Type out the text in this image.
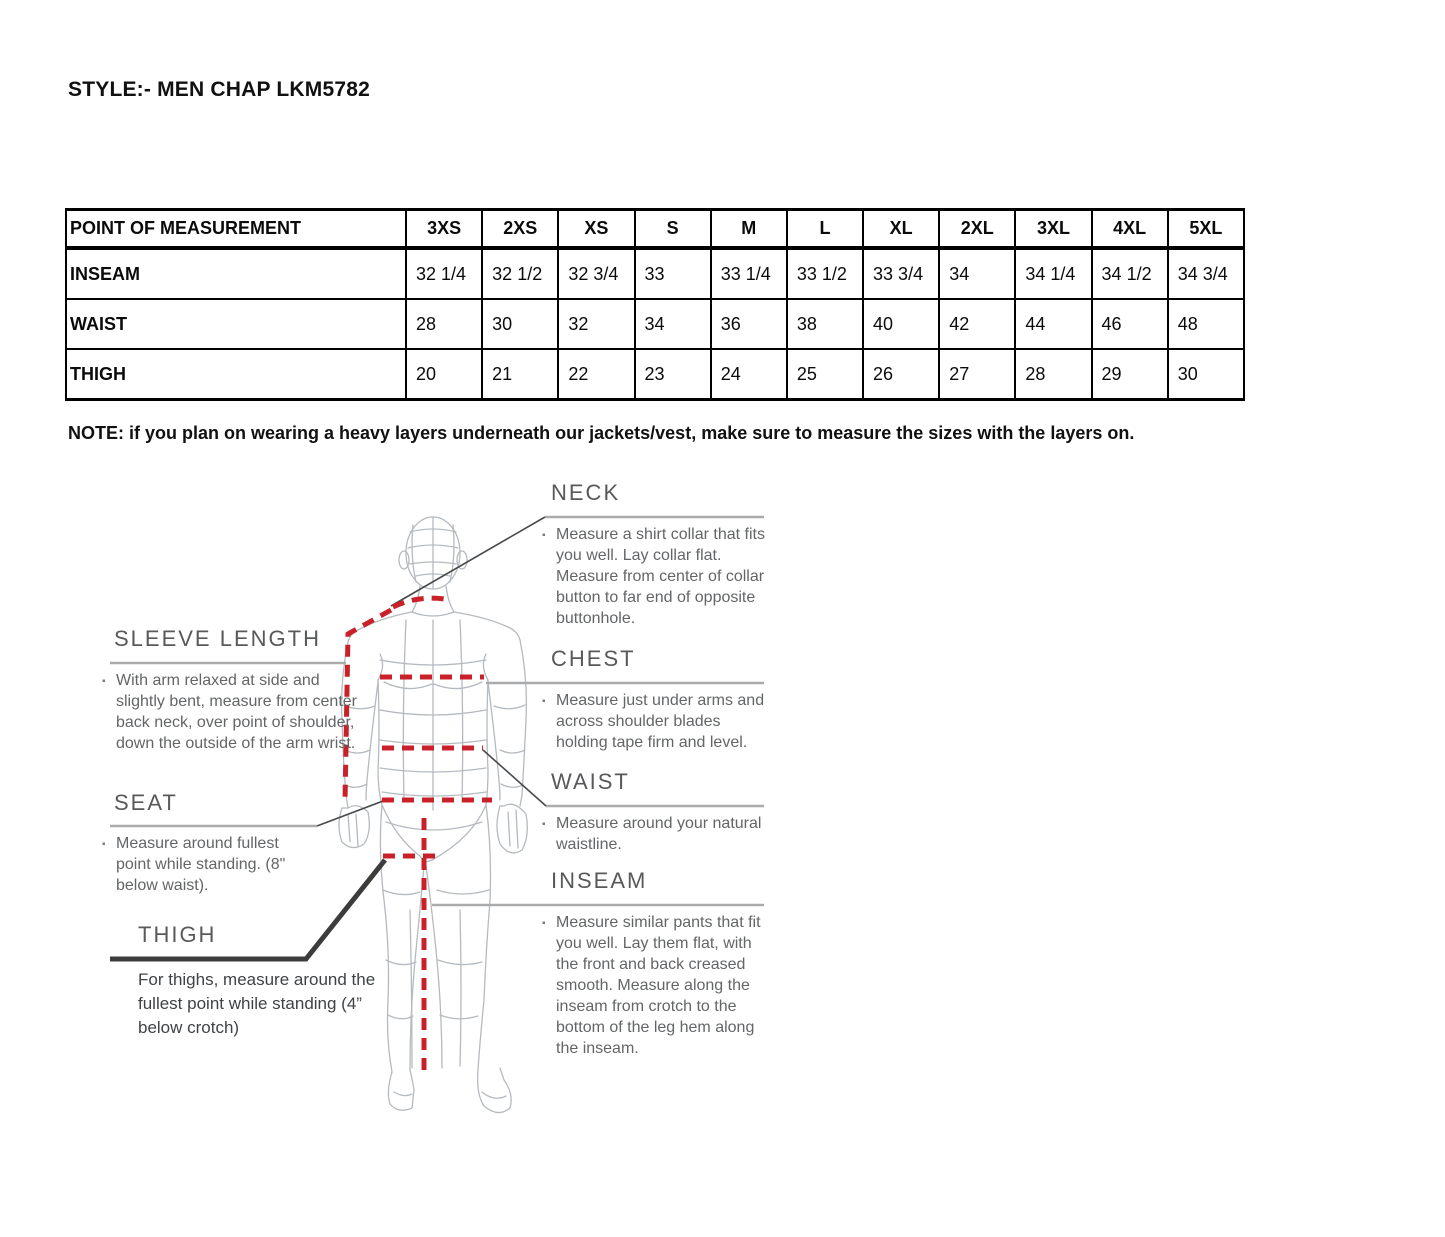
STYLE:- MEN CHAP LKM5782
POINT OF MEASUREMENT	3XS	2XS	XS	S	M	L	XL	2XL	3XL	4XL	5XL
INSEAM	32 1/4	32 1/2	32 3/4	33	33 1/4	33 1/2	33 3/4	34	34 1/4	34 1/2	34 3/4
WAIST	28	30	32	34	36	38	40	42	44	46	48
THIGH	20	21	22	23	24	25	26	27	28	29	30
NOTE: if you plan on wearing a heavy layers underneath our jackets/vest, make sure to measure the sizes with the layers on.
NECK
▪ Measure a shirt collar that fits you well. Lay collar flat. Measure from center of collar button to far end of opposite buttonhole.
CHEST
▪ Measure just under arms and across shoulder blades holding tape firm and level.
WAIST
▪ Measure around your natural waistline.
INSEAM
▪ Measure similar pants that fit you well. Lay them flat, with the front and back creased smooth. Measure along the inseam from crotch to the bottom of the leg hem along the inseam.
SLEEVE LENGTH
▪ With arm relaxed at side and slightly bent, measure from center back neck, over point of shoulder, down the outside of the arm wrist.
SEAT
▪ Measure around fullest point while standing. (8" below waist).
THIGH
For thighs, measure around the fullest point while standing (4” below crotch)
